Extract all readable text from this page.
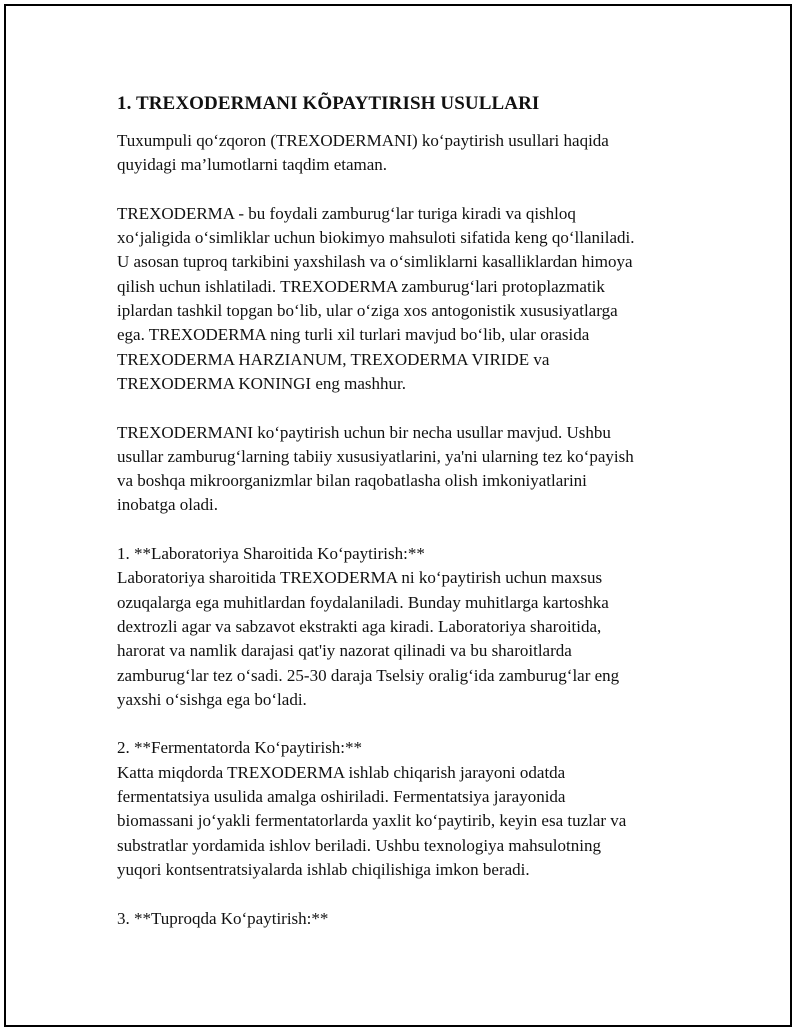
1. TREXODERMANI KÕPAYTIRISH USULLARI

Tuxumpuli qo‘zqoron (TREXODERMANI) ko‘paytirish usullari haqida
quyidagi ma’lumotlarni taqdim etaman.

TREXODERMA - bu foydali zamburug‘lar turiga kiradi va qishloq
xo‘jaligida o‘simliklar uchun biokimyo mahsuloti sifatida keng qo‘llaniladi.
U asosan tuproq tarkibini yaxshilash va o‘simliklarni kasalliklardan himoya
qilish uchun ishlatiladi. TREXODERMA zamburug‘lari protoplazmatik
iplardan tashkil topgan bo‘lib, ular o‘ziga xos antogonistik xususiyatlarga
ega. TREXODERMA ning turli xil turlari mavjud bo‘lib, ular orasida
TREXODERMA HARZIANUM, TREXODERMA VIRIDE va
TREXODERMA KONINGI eng mashhur.

TREXODERMANI ko‘paytirish uchun bir necha usullar mavjud. Ushbu
usullar zamburug‘larning tabiiy xususiyatlarini, ya'ni ularning tez ko‘payish
va boshqa mikroorganizmlar bilan raqobatlasha olish imkoniyatlarini
inobatga oladi.

1. **Laboratoriya Sharoitida Ko‘paytirish:**
Laboratoriya sharoitida TREXODERMA ni ko‘paytirish uchun maxsus
ozuqalarga ega muhitlardan foydalaniladi. Bunday muhitlarga kartoshka
dextrozli agar va sabzavot ekstrakti aga kiradi. Laboratoriya sharoitida,
harorat va namlik darajasi qat'iy nazorat qilinadi va bu sharoitlarda
zamburug‘lar tez o‘sadi. 25-30 daraja Tselsiy oralig‘ida zamburug‘lar eng
yaxshi o‘sishga ega bo‘ladi.

2. **Fermentatorda Ko‘paytirish:**
Katta miqdorda TREXODERMA ishlab chiqarish jarayoni odatda
fermentatsiya usulida amalga oshiriladi. Fermentatsiya jarayonida
biomassani jo‘yakli fermentatorlarda yaxlit ko‘paytirib, keyin esa tuzlar va
substratlar yordamida ishlov beriladi. Ushbu texnologiya mahsulotning
yuqori kontsentratsiyalarda ishlab chiqilishiga imkon beradi.

3. **Tuproqda Ko‘paytirish:**
